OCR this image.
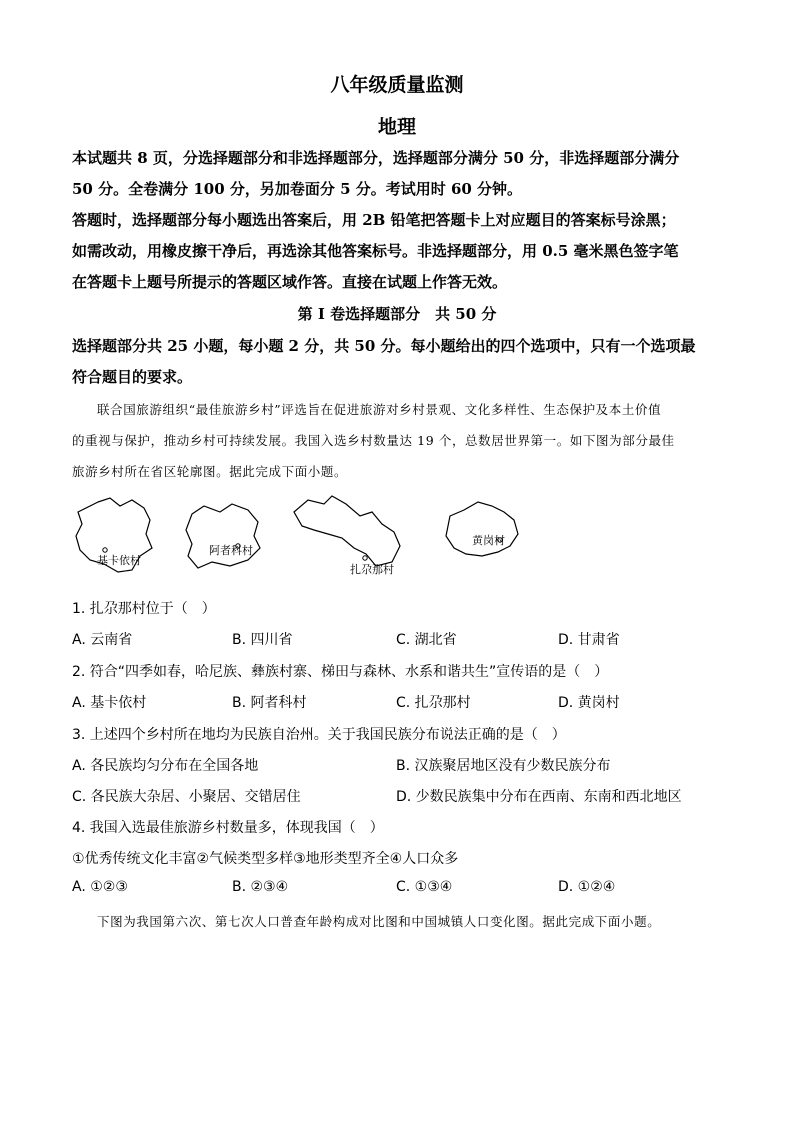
八年级质量监测
地理
本试题共 8 页，分选择题部分和非选择题部分，选择题部分满分 50 分，非选择题部分满分
50 分。全卷满分 100 分，另加卷面分 5 分。考试用时 60 分钟。
答题时，选择题部分每小题选出答案后，用 2B 铅笔把答题卡上对应题目的答案标号涂黑；
如需改动，用橡皮擦干净后，再选涂其他答案标号。非选择题部分，用 0.5 毫米黑色签字笔
在答题卡上题号所提示的答题区域作答。直接在试题上作答无效。
第 I 卷选择题部分　共 50 分
选择题部分共 25 小题，每小题 2 分，共 50 分。每小题给出的四个选项中，只有一个选项最
符合题目的要求。
联合国旅游组织“最佳旅游乡村”评选旨在促进旅游对乡村景观、文化多样性、生态保护及本土价值
的重视与保护，推动乡村可持续发展。我国入选乡村数量达 19 个，总数居世界第一。如下图为部分最佳
旅游乡村所在省区轮廓图。据此完成下面小题。
基卡依村
阿者科村
扎尕那村
黄岗村
1. 扎尕那村位于（　）
A. 云南省	B. 四川省	C. 湖北省	D. 甘肃省
2. 符合“四季如春，哈尼族、彝族村寨、梯田与森林、水系和谐共生”宣传语的是（　）
A. 基卡依村	B. 阿者科村	C. 扎尕那村	D. 黄岗村
3. 上述四个乡村所在地均为民族自治州。关于我国民族分布说法正确的是（　）
A. 各民族均匀分布在全国各地	B. 汉族聚居地区没有少数民族分布
C. 各民族大杂居、小聚居、交错居住	D. 少数民族集中分布在西南、东南和西北地区
4. 我国入选最佳旅游乡村数量多，体现我国（　）
①优秀传统文化丰富②气候类型多样③地形类型齐全④人口众多
A. ①②③	B. ②③④	C. ①③④	D. ①②④
下图为我国第六次、第七次人口普查年龄构成对比图和中国城镇人口变化图。据此完成下面小题。
